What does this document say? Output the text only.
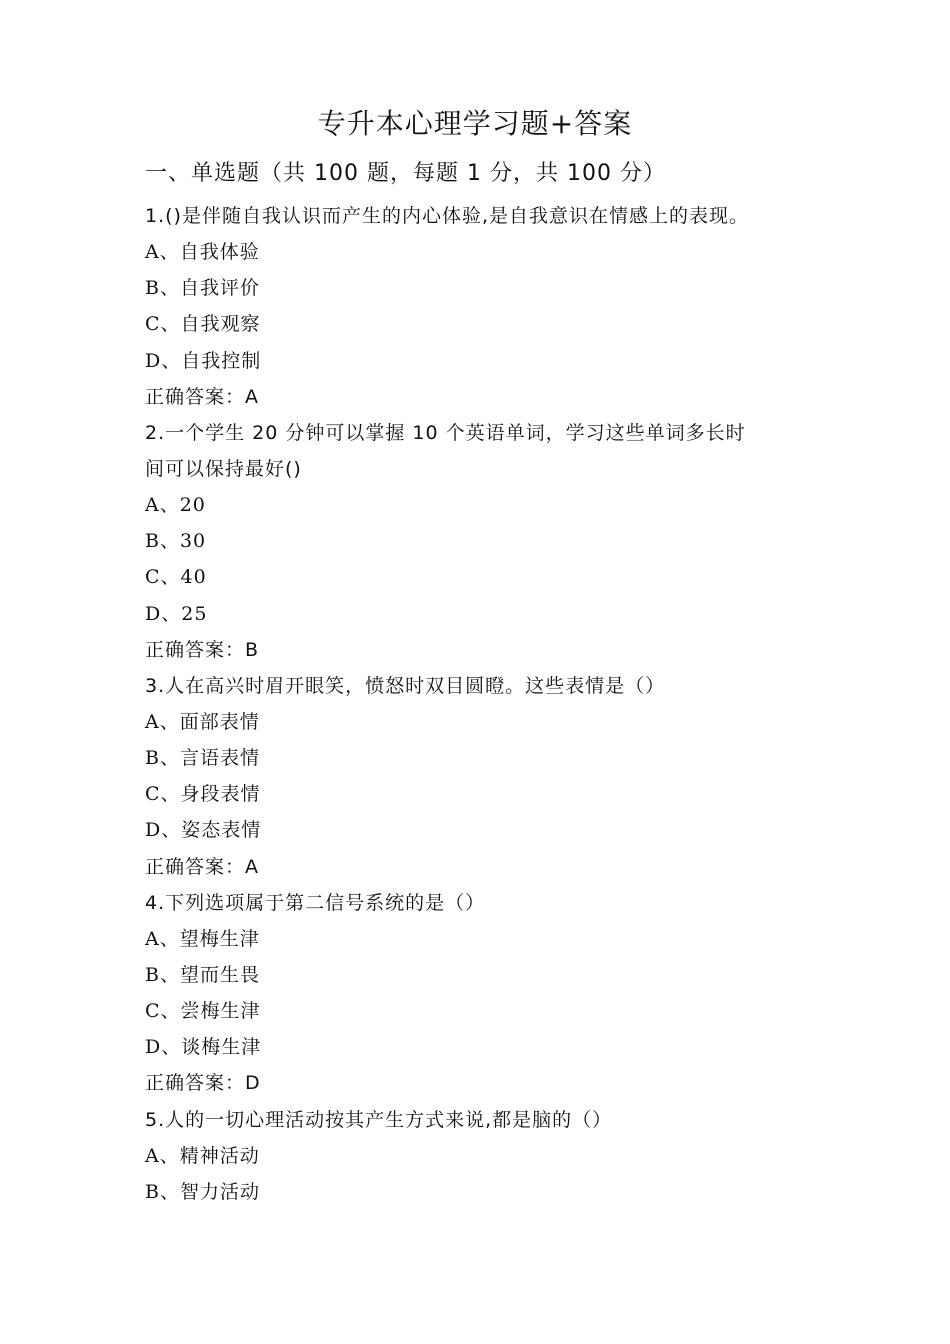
专升本心理学习题+答案
一、单选题（共 100 题，每题 1 分，共 100 分）
1.()是伴随自我认识而产生的内心体验,是自我意识在情感上的表现。
A、自我体验
B、自我评价
C、自我观察
D、自我控制
正确答案：A
2.一个学生 20 分钟可以掌握 10 个英语单词，学习这些单词多长时
间可以保持最好()
A、20
B、30
C、40
D、25
正确答案：B
3.人在高兴时眉开眼笑，愤怒时双目圆瞪。这些表情是（）
A、面部表情
B、言语表情
C、身段表情
D、姿态表情
正确答案：A
4.下列选项属于第二信号系统的是（）
A、望梅生津
B、望而生畏
C、尝梅生津
D、谈梅生津
正确答案：D
5.人的一切心理活动按其产生方式来说,都是脑的（）
A、精神活动
B、智力活动
